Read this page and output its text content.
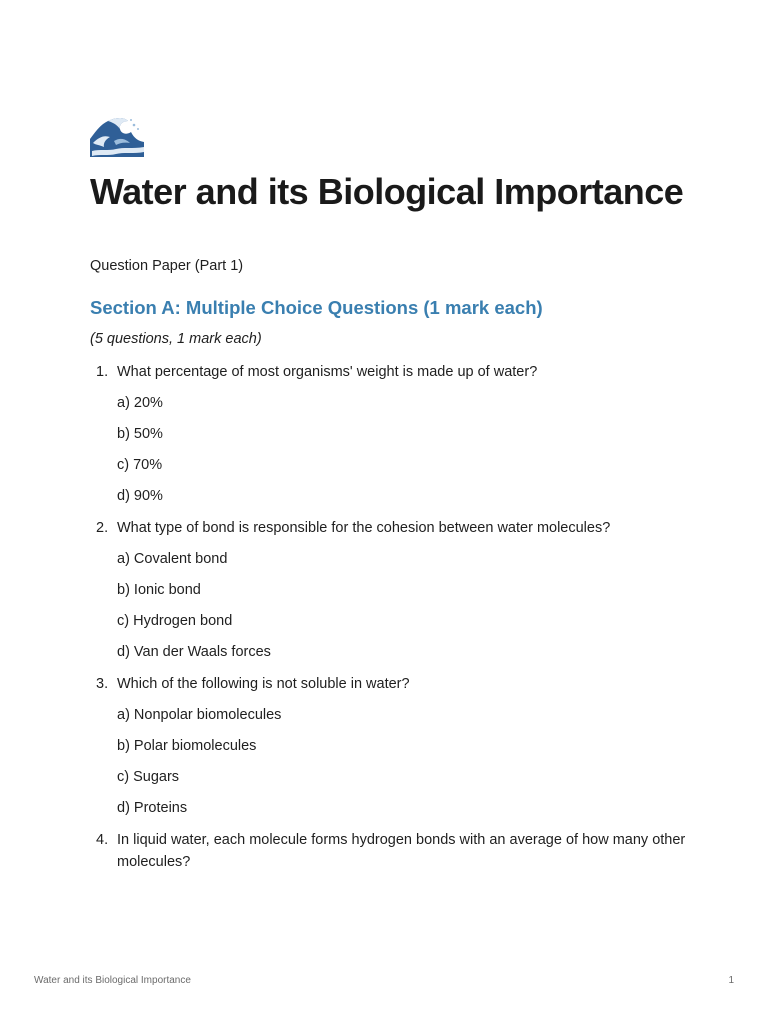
Water and its Biological Importance

Question Paper (Part 1)

Section A: Multiple Choice Questions (1 mark each)

(5 questions, 1 mark each)

1. What percentage of most organisms' weight is made up of water?

a) 20%
b) 50%
c) 70%
d) 90%
2. What type of bond is responsible for the cohesion between water molecules?

a) Covalent bond
b) Ionic bond
c) Hydrogen bond
d) Van der Waals forces
3. Which of the following is not soluble in water?

a) Nonpolar biomolecules
b) Polar biomolecules
c) Sugars
d) Proteins
4. In liquid water, each molecule forms hydrogen bonds with an average of how many other molecules?

Water and its Biological Importance	1
